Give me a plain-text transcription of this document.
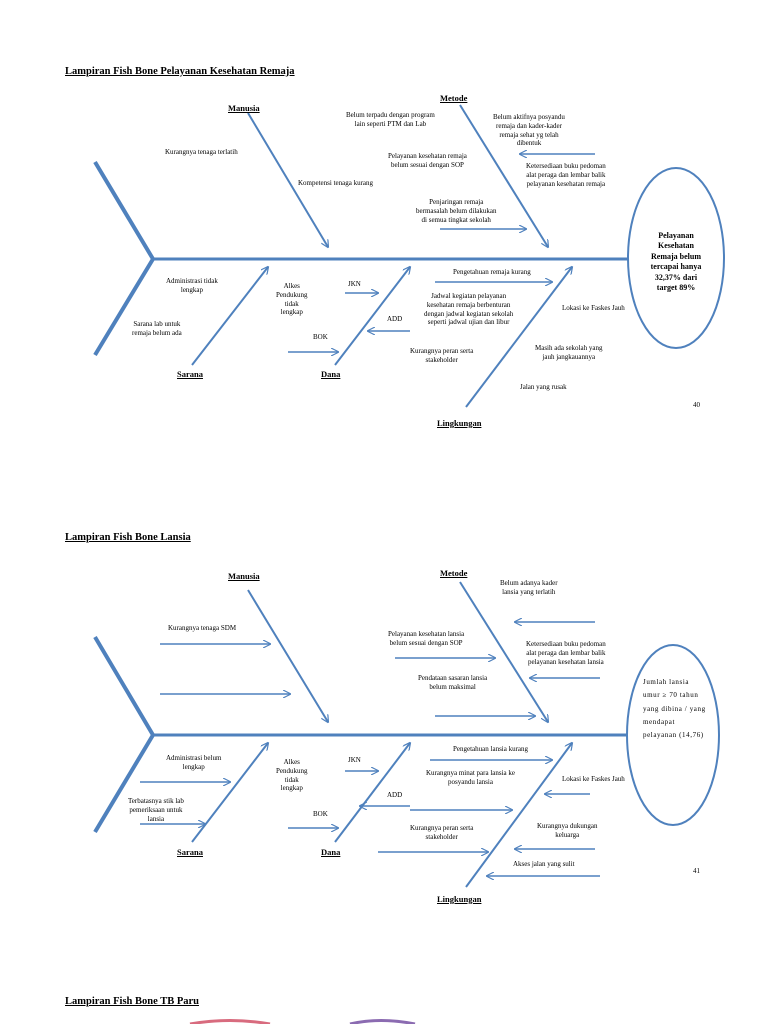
Lampiran Fish Bone Pelayanan Kesehatan Remaja
Manusia
Metode
Sarana	Dana
Lingkungan
Kurangnya tenaga terlatih
Kompetensi tenaga kurang
Belum terpadu dengan program
lain seperti PTM dan Lab
Belum aktifnya posyandu
remaja dan kader-kader
remaja sehat yg telah
dibentuk
Pelayanan kesehatan remaja
belum sesuai dengan SOP	Ketersediaan buku pedoman
alat peraga dan lembar balik
pelayanan kesehatan remaja
Penjaringan remaja
bermasalah belum dilakukan
di semua tingkat sekolah
Administrasi tidak
lengkap
Sarana lab untuk
remaja belum ada
Alkes
Pendukung
tidak
lengkap
JKN
ADD
BOK
Pengetahuan remaja kurang
Jadwal kegiatan pelayanan
kesehatan remaja berbenturan
dengan jadwal kegiatan sekolah
seperti jadwal ujian dan libur
Lokasi ke Faskes Jauh
Kurangnya peran serta
stakeholder
Masih ada sekolah yang
jauh jangkauannya
Jalan yang rusak
Pelayanan
Kesehatan
Remaja belum
tercapai hanya
32,37% dari
target 89%
40
Lampiran Fish Bone Lansia
Manusia	Metode
Sarana	Dana
Lingkungan
Kurangnya tenaga SDM
Belum adanya kader
lansia yang terlatih
Pelayanan kesehatan lansia
belum sesuai dengan SOP	Ketersediaan buku pedoman
alat peraga dan lembar balik
pelayanan kesehatan lansia
Pendataan sasaran lansia
belum maksimal
Administrasi belum
lengkap
Terbatasnya stik lab
pemeriksaan untuk
lansia
Alkes
Pendukung
tidak
lengkap
JKN
ADD
BOK
Pengetahuan lansia kurang
Kurangnya minat para lansia ke
posyandu lansia	Lokasi ke Faskes Jauh
Kurangnya peran serta
stakeholder
Kurangnya dukungan
keluarga
Akses jalan yang sulit
Jumlah lansia
umur ≥ 70 tahun
yang dibina / yang
mendapat
pelayanan (14,76)
41
Lampiran Fish Bone TB Paru
